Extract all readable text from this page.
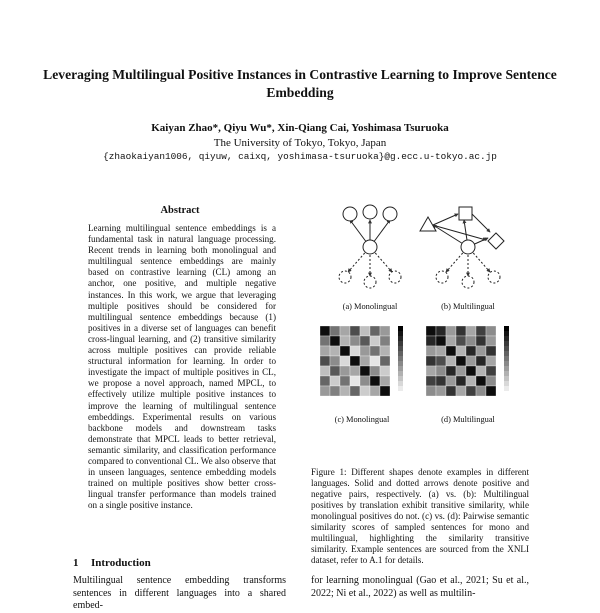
Leveraging Multilingual Positive Instances in Contrastive Learning to Improve Sentence Embedding
Kaiyan Zhao*, Qiyu Wu*, Xin-Qiang Cai, Yoshimasa Tsuruoka
The University of Tokyo, Tokyo, Japan
{zhaokaiyan1006, qiyuw, caixq, yoshimasa-tsuruoka}@g.ecc.u-tokyo.ac.jp
Abstract
Learning multilingual sentence embeddings is a fundamental task in natural language processing. Recent trends in learning both monolingual and multilingual sentence embeddings are mainly based on contrastive learning (CL) among an anchor, one positive, and multiple negative instances. In this work, we argue that leveraging multiple positives should be considered for multilingual sentence embeddings because (1) positives in a diverse set of languages can benefit cross-lingual learning, and (2) transitive similarity across multiple positives can provide reliable structural information for learning. In order to investigate the impact of multiple positives in CL, we propose a novel approach, named MPCL, to effectively utilize multiple positive instances to improve the learning of multilingual sentence embeddings. Experimental results on various backbone models and downstream tasks demonstrate that MPCL leads to better retrieval, semantic similarity, and classification performance compared to conventional CL. We also observe that in unseen languages, sentence embedding models trained on multiple positives show better cross-lingual transfer performance than models trained on a single positive instance.
1 Introduction
Multilingual sentence embedding transforms sentences in different languages into a shared embed-
for learning monolingual (Gao et al., 2021; Su et al., 2022; Ni et al., 2022) as well as multilin-
(a) Monolingual	(b) Multilingual
(c) Monolingual	(d) Multilingual
Figure 1: Different shapes denote examples in different languages. Solid and dotted arrows denote positive and negative pairs, respectively. (a) vs. (b): Multilingual positives by translation exhibit transitive similarity, while monolingual positives do not. (c) vs. (d): Pairwise semantic similarity scores of sampled sentences for mono and multilingual, highlighting the similarity transitive similarity. Example sentences are sourced from the XNLI dataset, refer to A.1 for details.
